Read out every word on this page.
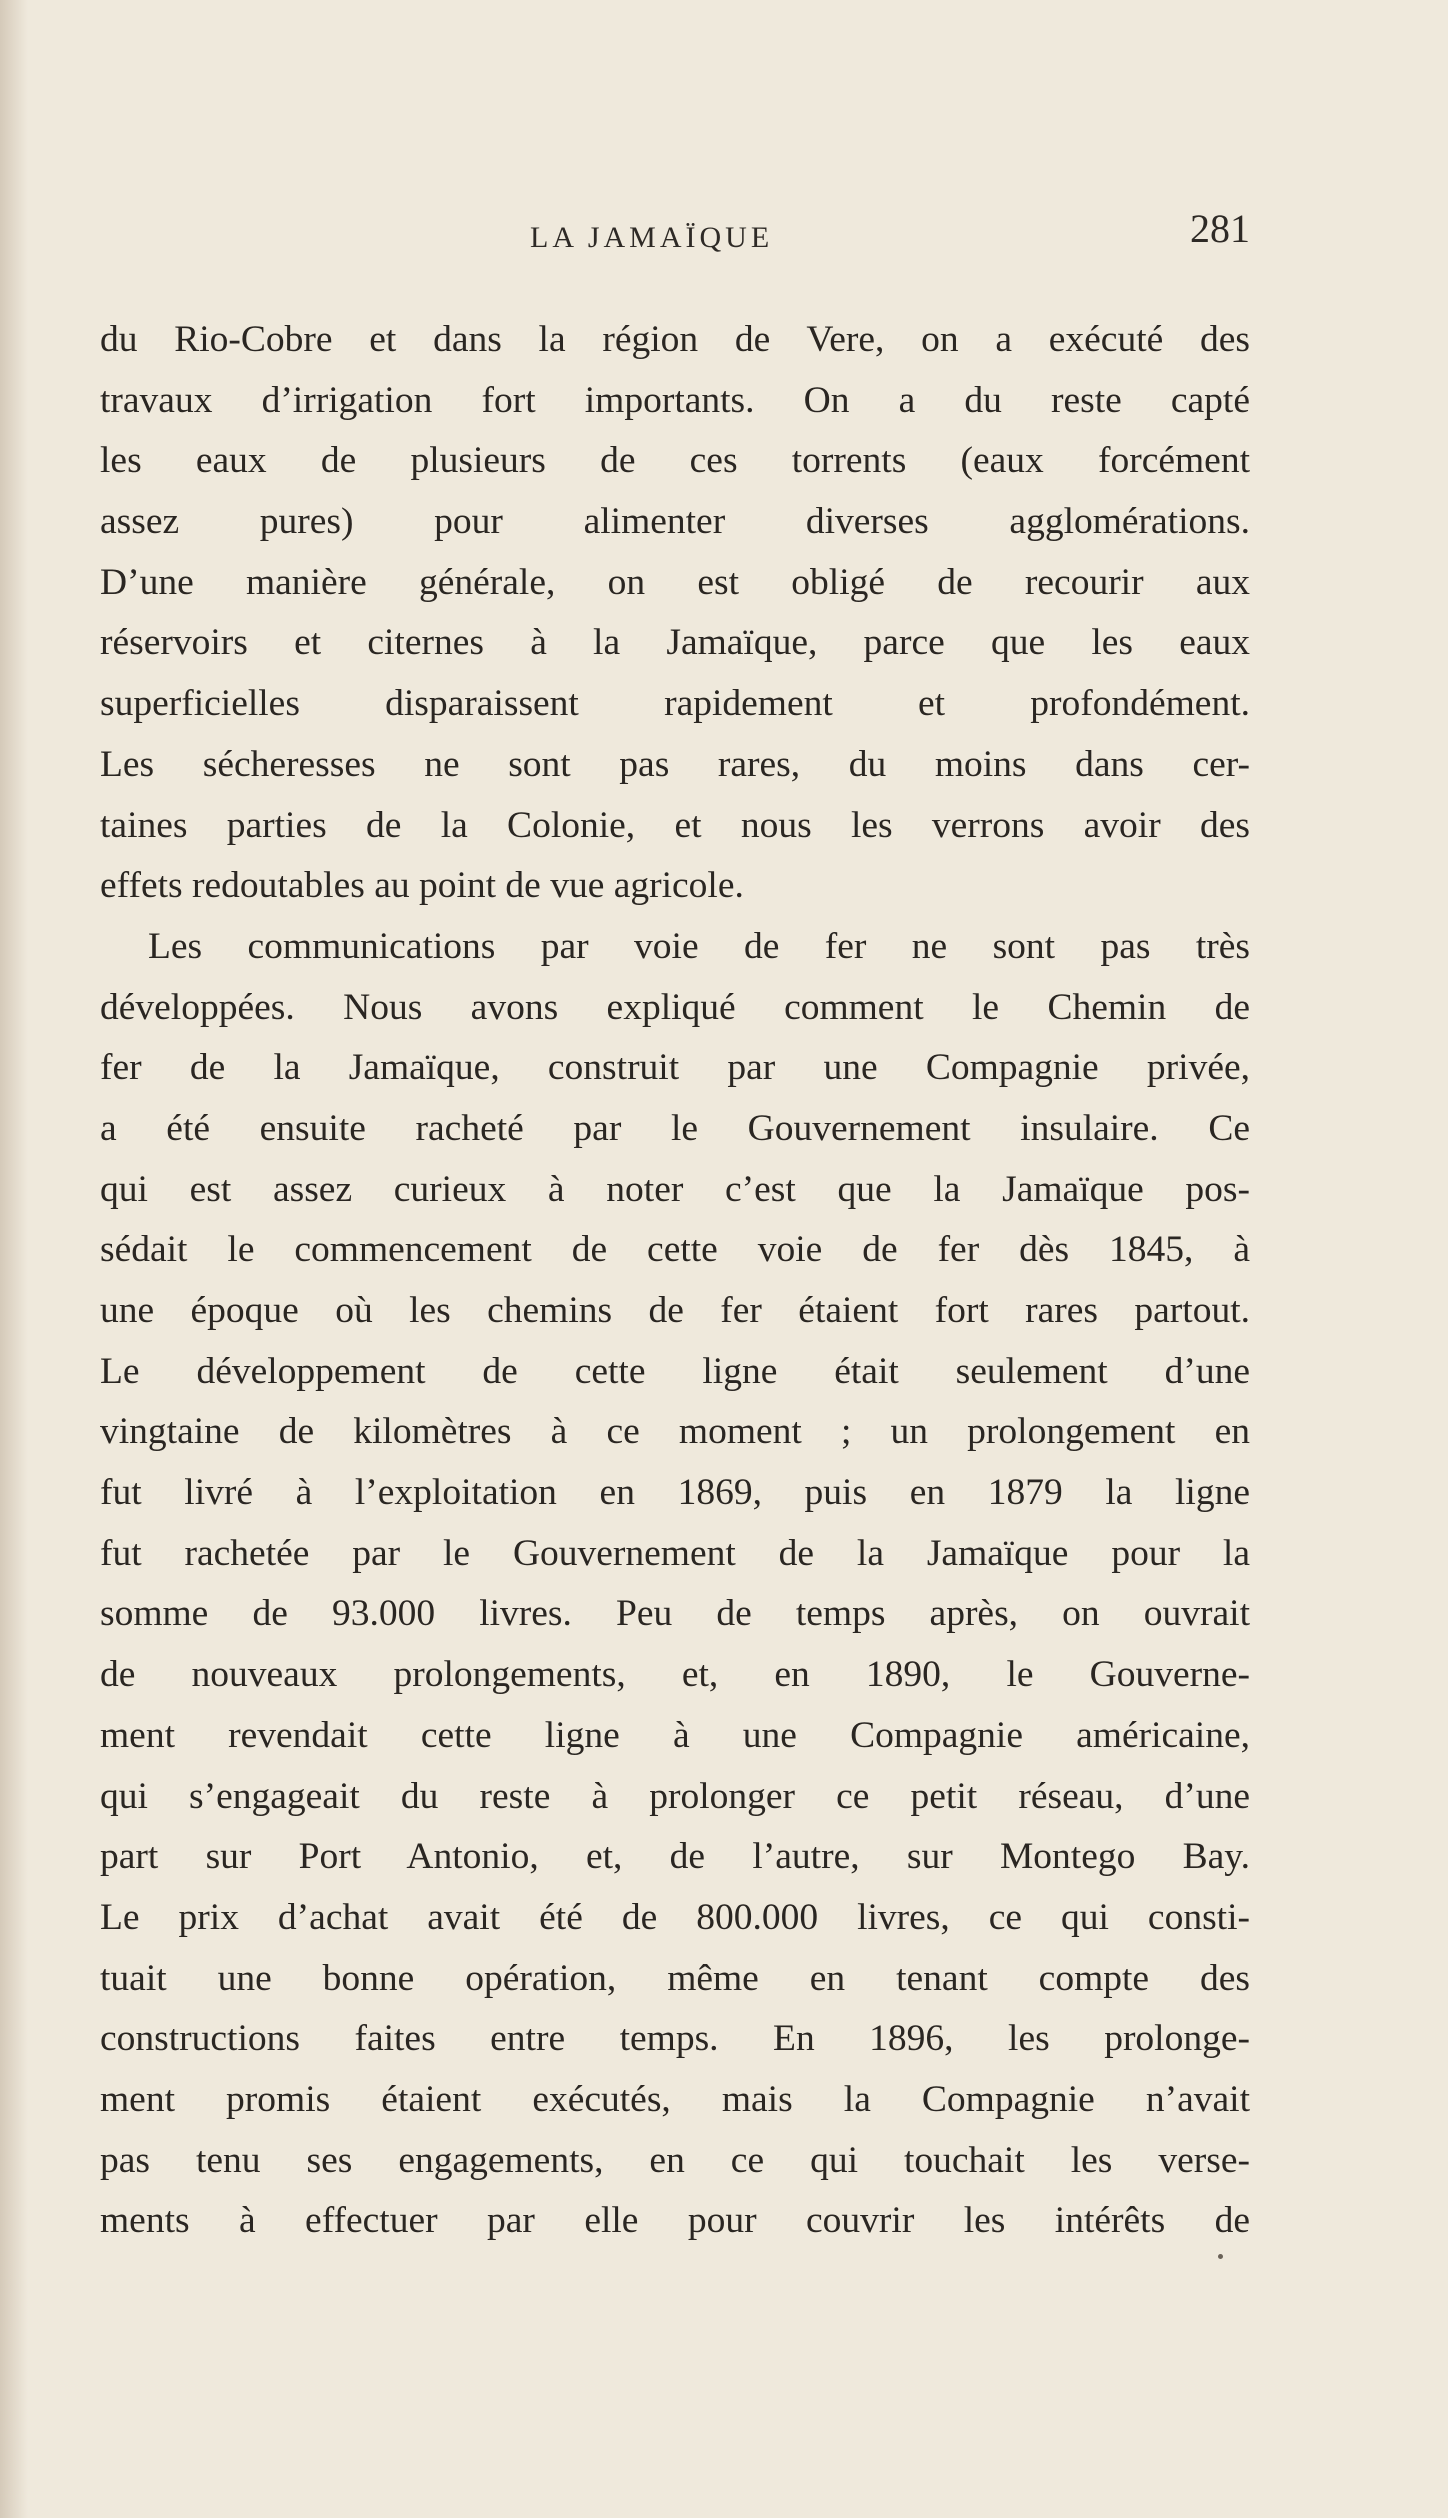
LA JAMAÏQUE	281
du Rio-Cobre et dans la région de Vere, on a exécuté des
travaux d’irrigation fort importants. On a du reste capté
les eaux de plusieurs de ces torrents (eaux forcément
assez pures) pour alimenter diverses agglomérations.
D’une manière générale, on est obligé de recourir aux
réservoirs et citernes à la Jamaïque, parce que les eaux
superficielles disparaissent rapidement et profondément.
Les sécheresses ne sont pas rares, du moins dans cer-
taines parties de la Colonie, et nous les verrons avoir des
effets redoutables au point de vue agricole.
Les communications par voie de fer ne sont pas très
développées. Nous avons expliqué comment le Chemin de
fer de la Jamaïque, construit par une Compagnie privée,
a été ensuite racheté par le Gouvernement insulaire. Ce
qui est assez curieux à noter c’est que la Jamaïque pos-
sédait le commencement de cette voie de fer dès 1845, à
une époque où les chemins de fer étaient fort rares partout.
Le développement de cette ligne était seulement d’une
vingtaine de kilomètres à ce moment ; un prolongement en
fut livré à l’exploitation en 1869, puis en 1879 la ligne
fut rachetée par le Gouvernement de la Jamaïque pour la
somme de 93.000 livres. Peu de temps après, on ouvrait
de nouveaux prolongements, et, en 1890, le Gouverne-
ment revendait cette ligne à une Compagnie américaine,
qui s’engageait du reste à prolonger ce petit réseau, d’une
part sur Port Antonio, et, de l’autre, sur Montego Bay.
Le prix d’achat avait été de 800.000 livres, ce qui consti-
tuait une bonne opération, même en tenant compte des
constructions faites entre temps. En 1896, les prolonge-
ment promis étaient exécutés, mais la Compagnie n’avait
pas tenu ses engagements, en ce qui touchait les verse-
ments à effectuer par elle pour couvrir les intérêts de
